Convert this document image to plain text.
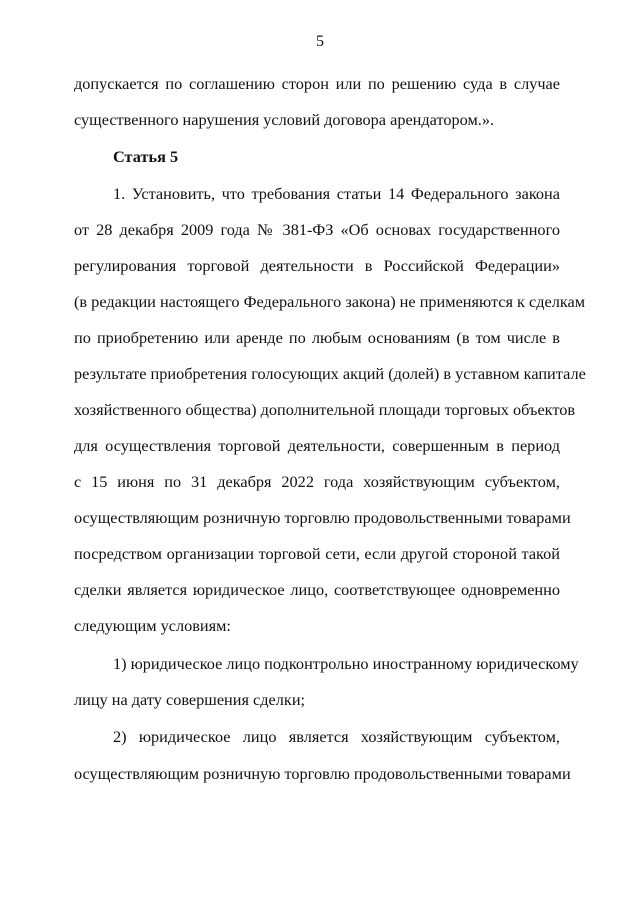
5
допускается по соглашению сторон или по решению суда в случае
существенного нарушения условий договора арендатором.».
Статья 5
1. Установить, что требования статьи 14 Федерального закона
от 28 декабря 2009 года № 381-ФЗ «Об основах государственного
регулирования торговой деятельности в Российской Федерации»
(в редакции настоящего Федерального закона) не применяются к сделкам
по приобретению или аренде по любым основаниям (в том числе в
результате приобретения голосующих акций (долей) в уставном капитале
хозяйственного общества) дополнительной площади торговых объектов
для осуществления торговой деятельности, совершенным в период
с 15 июня по 31 декабря 2022 года хозяйствующим субъектом,
осуществляющим розничную торговлю продовольственными товарами
посредством организации торговой сети, если другой стороной такой
сделки является юридическое лицо, соответствующее одновременно
следующим условиям:
1) юридическое лицо подконтрольно иностранному юридическому
лицу на дату совершения сделки;
2) юридическое лицо является хозяйствующим субъектом,
осуществляющим розничную торговлю продовольственными товарами
